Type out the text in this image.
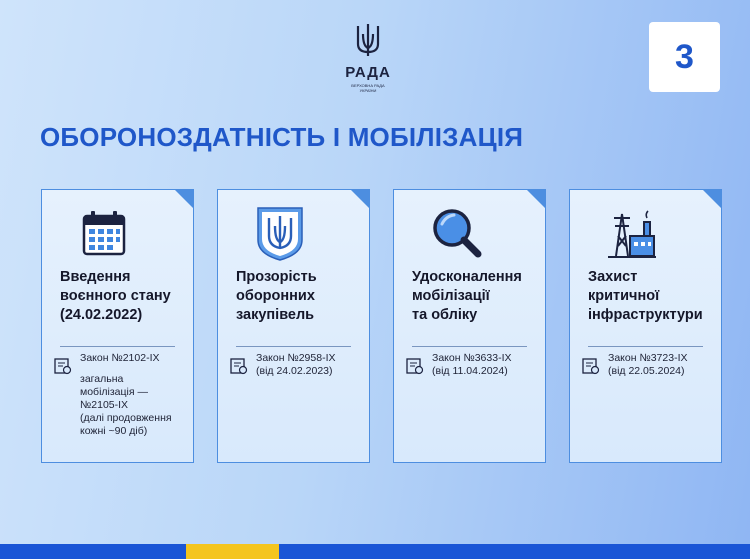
РАДА
ВЕРХОВНА РАДА
УКРАЇНИ
3
ОБОРОНОЗДАТНІСТЬ І МОБІЛІЗАЦІЯ
Введення
воєнного стану
(24.02.2022)
Закон №2102-IX
загальна
мобілізація —
№2105-IX
(далі продовження
кожні ~90 діб)
Прозорість
оборонних
закупівель
Закон №2958-IX
(від 24.02.2023)
Удосконалення
мобілізації
та обліку
Закон №3633-IX
(від 11.04.2024)
Захист
критичної
інфраструктури
Закон №3723-IX
(від 22.05.2024)
